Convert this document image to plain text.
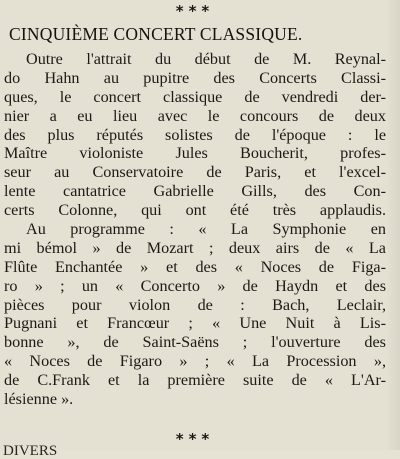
***
CINQUIÈME CONCERT CLASSIQUE.
Outre l'attrait du début de M. Reynal-
do Hahn au pupitre des Concerts Classi-
ques, le concert classique de vendredi der-
nier a eu lieu avec le concours de deux
des plus réputés solistes de l'époque : le
Maître violoniste Jules Boucherit, profes-
seur au Conservatoire de Paris, et l'excel-
lente cantatrice Gabrielle Gills, des Con-
certs Colonne, qui ont été très applaudis.
Au programme : « La Symphonie en
mi bémol » de Mozart ; deux airs de « La
Flûte Enchantée » et des « Noces de Figa-
ro » ; un « Concerto » de Haydn et des
pièces pour violon de : Bach, Leclair,
Pugnani et Francœur ; « Une Nuit à Lis-
bonne », de Saint-Saëns ; l'ouverture des
« Noces de Figaro » ; « La Procession »,
de C.Frank et la première suite de « L'Ar-
lésienne ».
***
DIVERS
